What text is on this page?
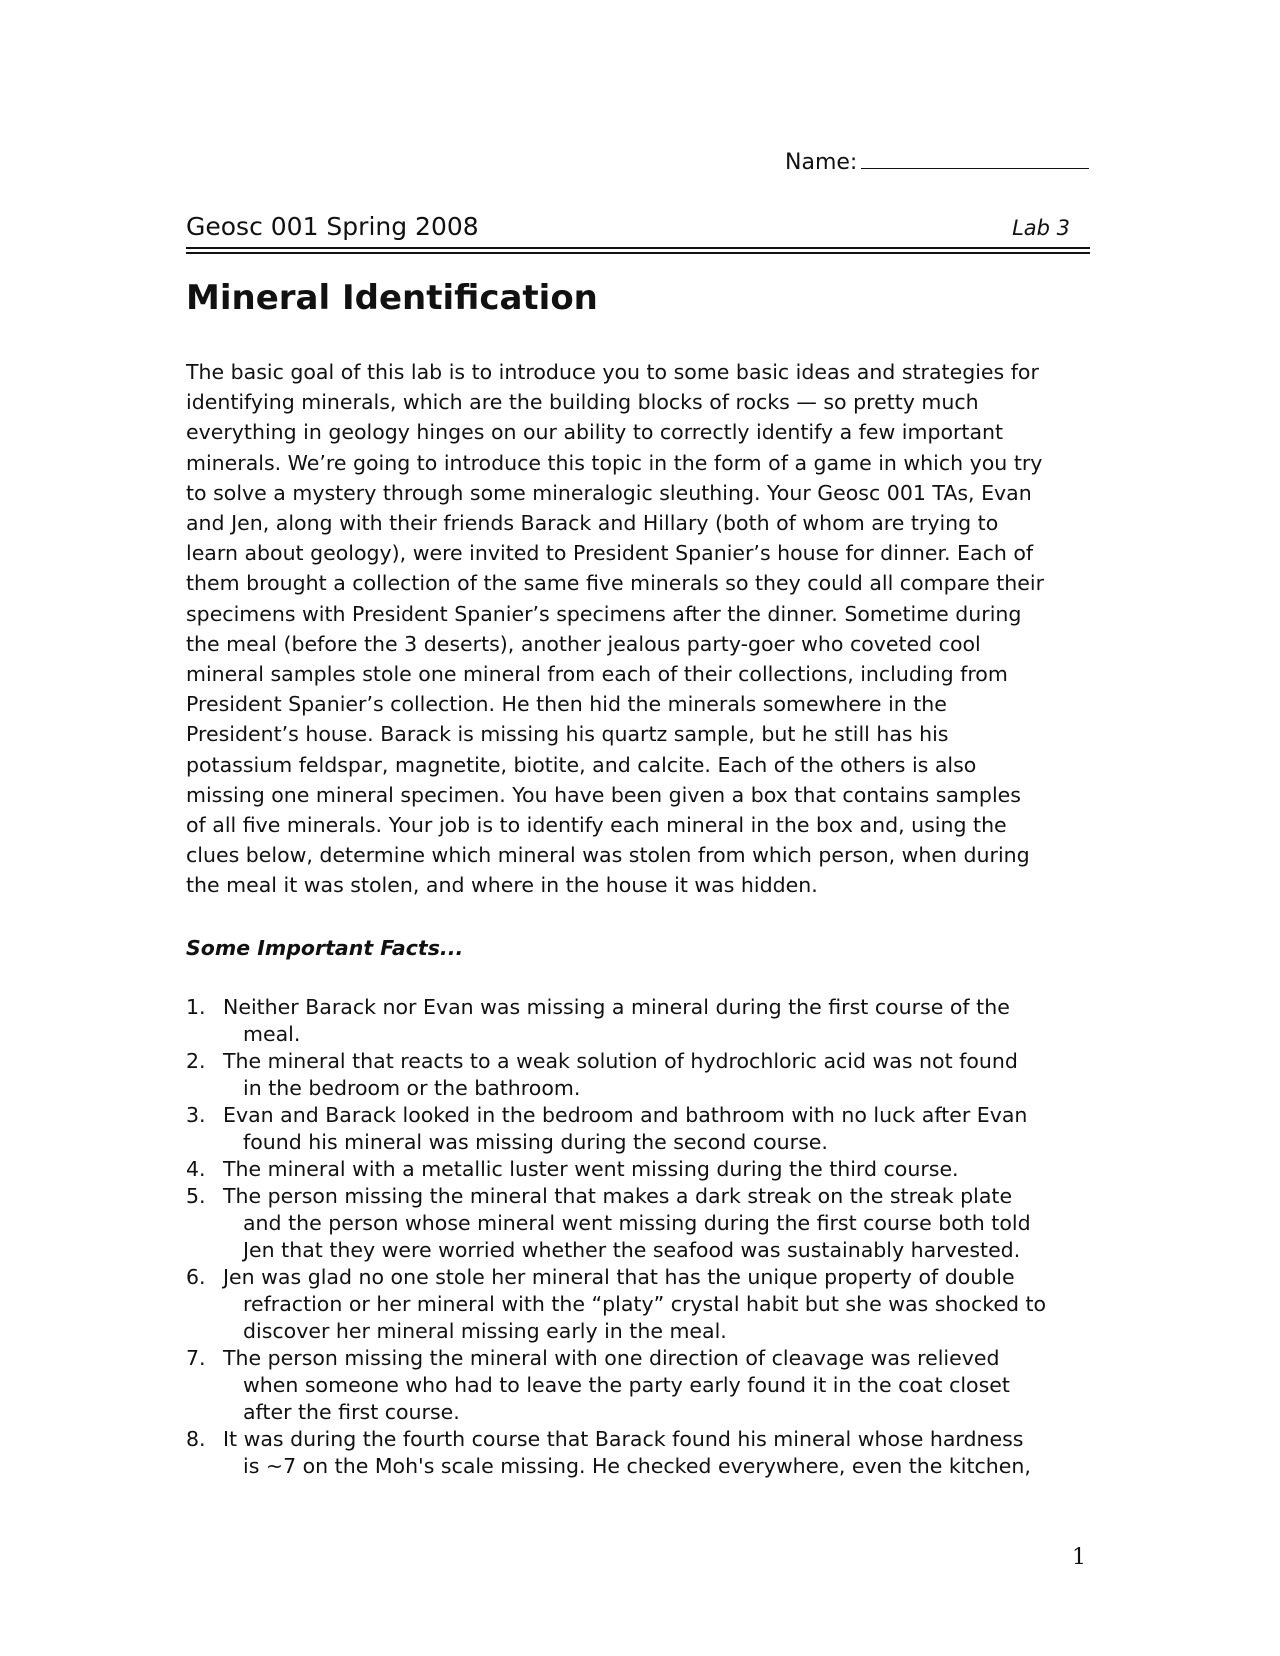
Name:
Geosc 001 Spring 2008	Lab 3
Mineral Identification
The basic goal of this lab is to introduce you to some basic ideas and strategies for
identifying minerals, which are the building blocks of rocks — so pretty much
everything in geology hinges on our ability to correctly identify a few important
minerals. We’re going to introduce this topic in the form of a game in which you try
to solve a mystery through some mineralogic sleuthing. Your Geosc 001 TAs, Evan
and Jen, along with their friends Barack and Hillary (both of whom are trying to
learn about geology), were invited to President Spanier’s house for dinner. Each of
them brought a collection of the same five minerals so they could all compare their
specimens with President Spanier’s specimens after the dinner. Sometime during
the meal (before the 3 deserts), another jealous party-goer who coveted cool
mineral samples stole one mineral from each of their collections, including from
President Spanier’s collection. He then hid the minerals somewhere in the
President’s house. Barack is missing his quartz sample, but he still has his
potassium feldspar, magnetite, biotite, and calcite. Each of the others is also
missing one mineral specimen. You have been given a box that contains samples
of all five minerals. Your job is to identify each mineral in the box and, using the
clues below, determine which mineral was stolen from which person, when during
the meal it was stolen, and where in the house it was hidden.
Some Important Facts...
1. Neither Barack nor Evan was missing a mineral during the first course of the
meal.
2. The mineral that reacts to a weak solution of hydrochloric acid was not found
in the bedroom or the bathroom.
3. Evan and Barack looked in the bedroom and bathroom with no luck after Evan
found his mineral was missing during the second course.
4. The mineral with a metallic luster went missing during the third course.
5. The person missing the mineral that makes a dark streak on the streak plate
and the person whose mineral went missing during the first course both told
Jen that they were worried whether the seafood was sustainably harvested.
6. Jen was glad no one stole her mineral that has the unique property of double
refraction or her mineral with the “platy” crystal habit but she was shocked to
discover her mineral missing early in the meal.
7. The person missing the mineral with one direction of cleavage was relieved
when someone who had to leave the party early found it in the coat closet
after the first course.
8. It was during the fourth course that Barack found his mineral whose hardness
is ~7 on the Moh's scale missing. He checked everywhere, even the kitchen,
1
